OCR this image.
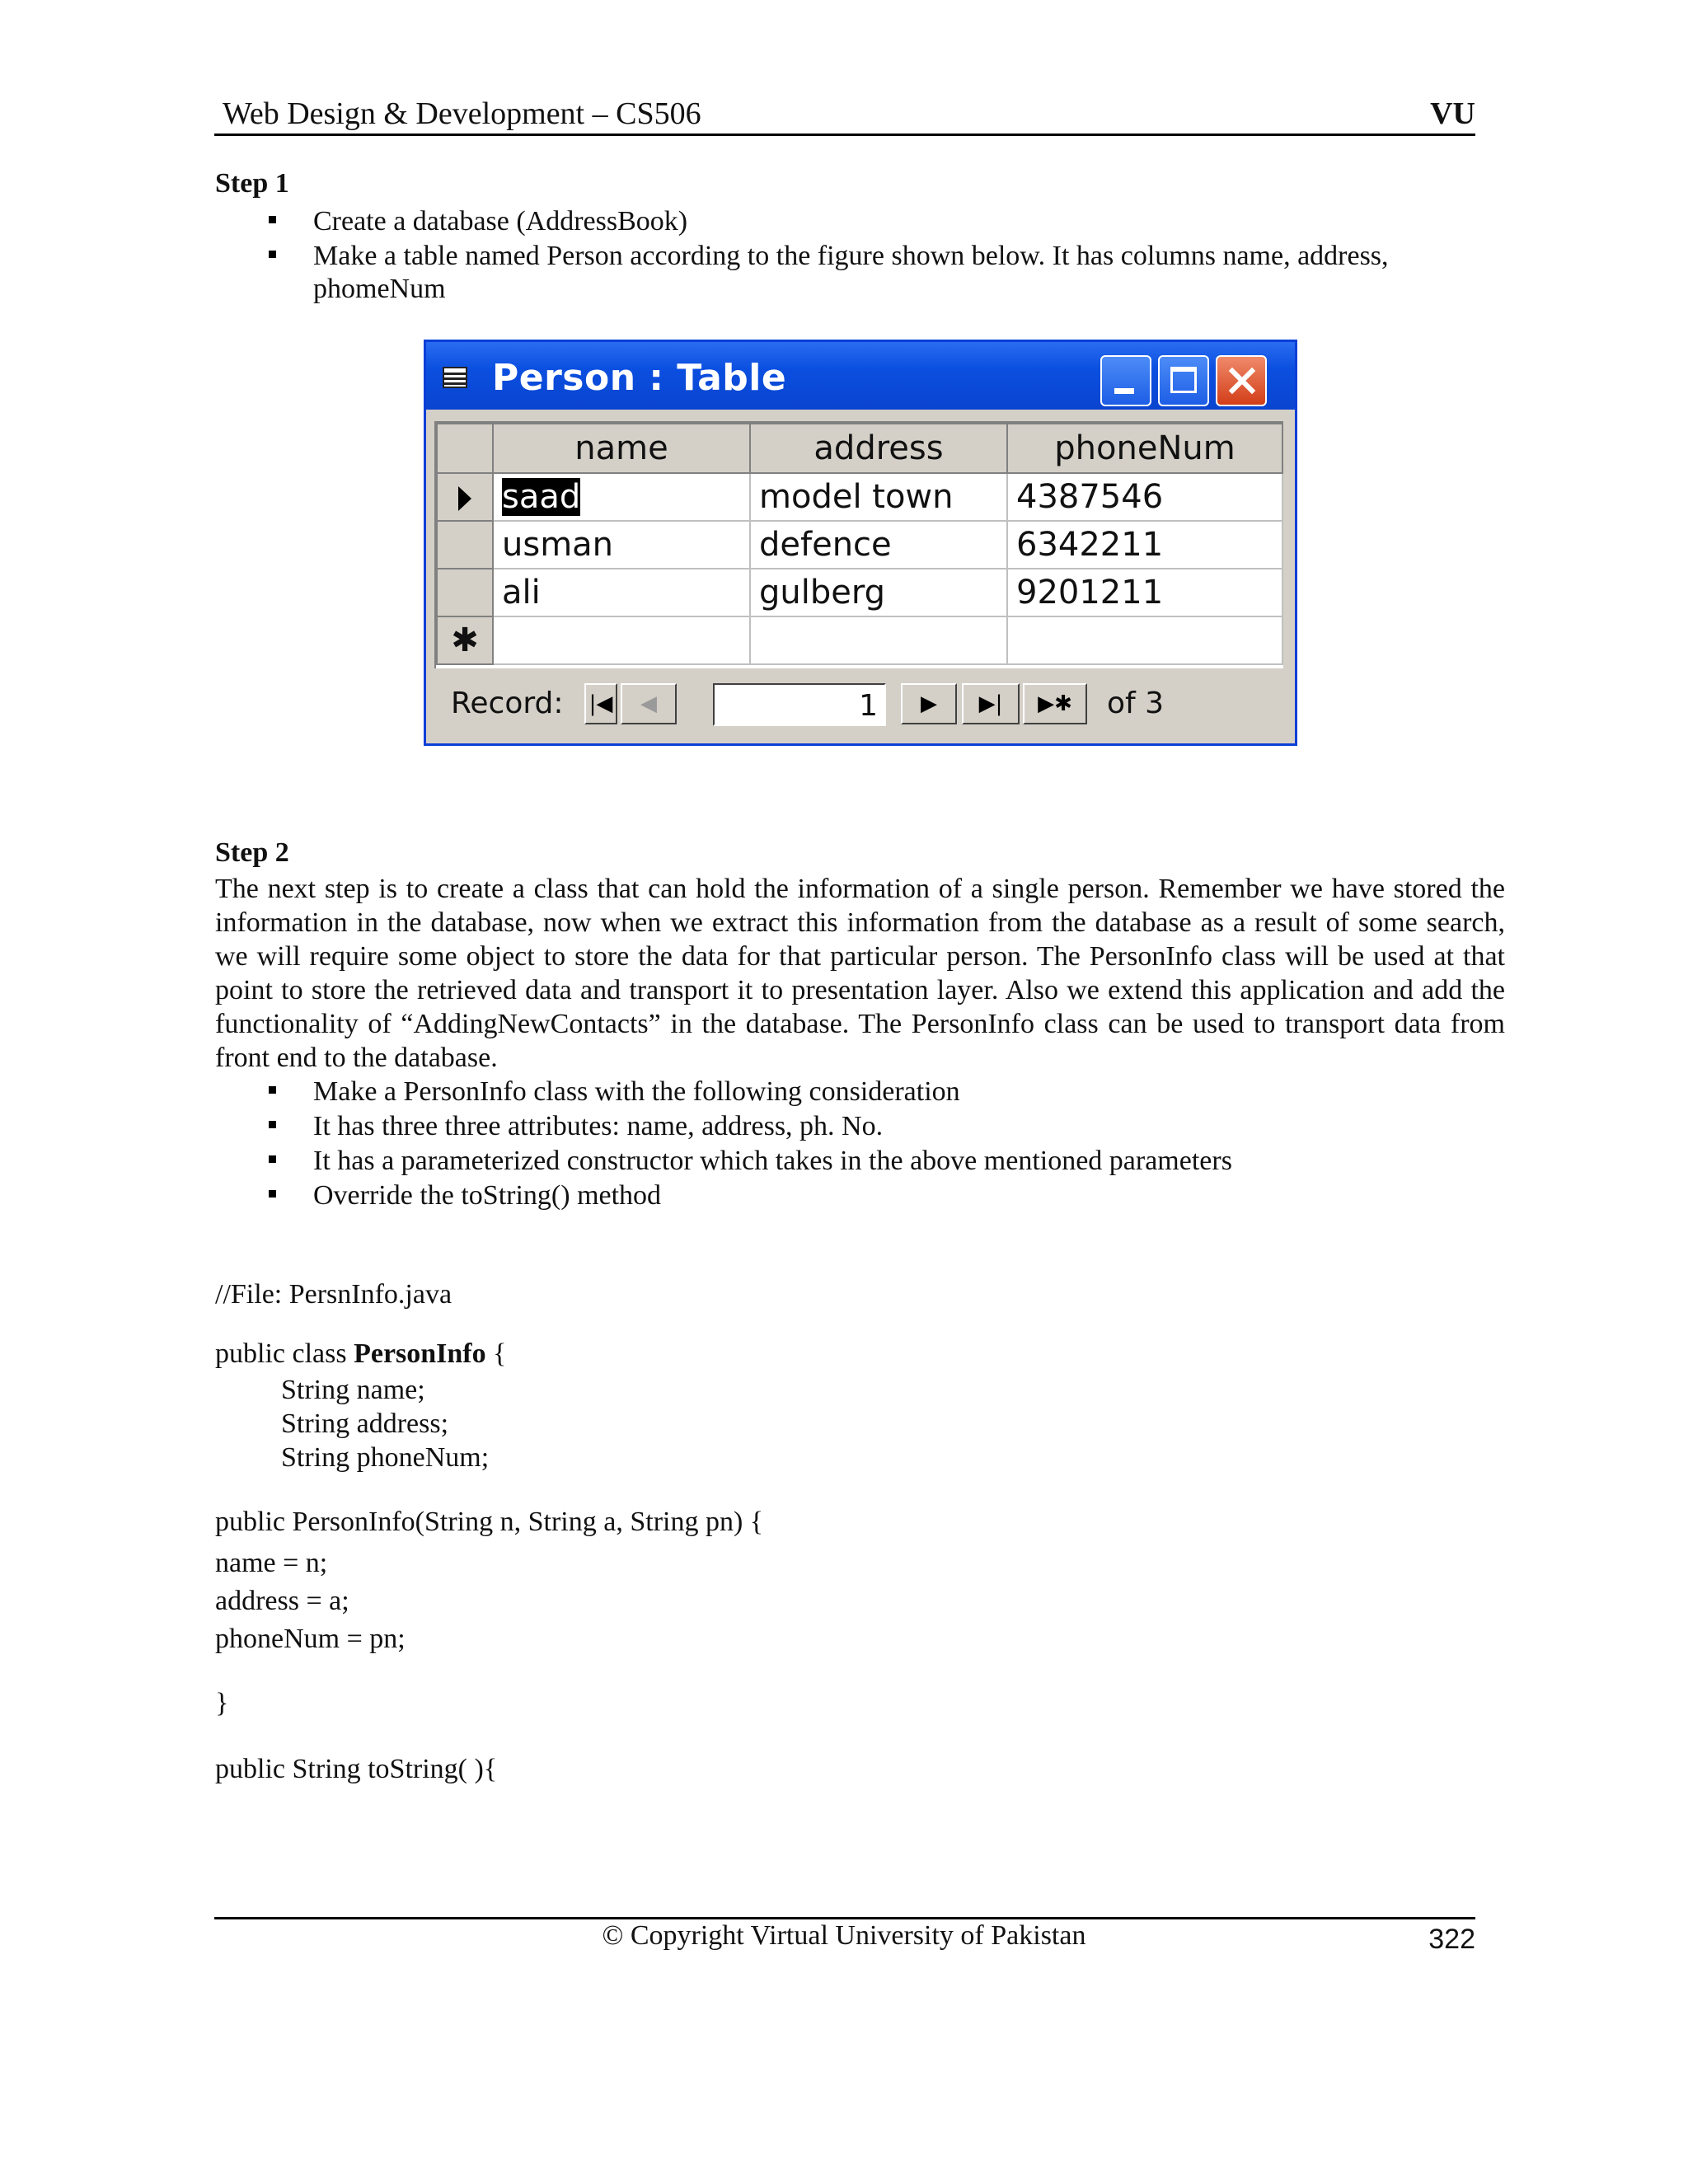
Web Design & Development – CS506	VU
Step 1
Create a database (AddressBook)
Make a table named Person according to the figure shown below. It has columns name, address,
phomeNum
Person : Table
	name	address	phoneNum
	saad	model town	4387546
	usman	defence	6342211
	ali	gulberg	9201211
✱			
Record: |◀	◀	1	▶	▶|	▶✱	of 3
Step 2
The next step is to create a class that can hold the information of a single person. Remember we have stored the information in the database, now when we extract this information from the database as a result of some search, we will require some object to store the data for that particular person. The PersonInfo class will be used at that point to store the retrieved data and transport it to presentation layer. Also we extend this application and add the functionality of “AddingNewContacts” in the database. The PersonInfo class can be used to transport data from front end to the database.
Make a PersonInfo class with the following consideration
It has three three attributes: name, address, ph. No.
It has a parameterized constructor which takes in the above mentioned parameters
Override the toString() method
//File: PersnInfo.java
public class PersonInfo {
String name;
String address;
String phoneNum;
public PersonInfo(String n, String a, String pn) {
name = n;
address = a;
phoneNum = pn;
}
public String toString( ){
© Copyright Virtual University of Pakistan	322
